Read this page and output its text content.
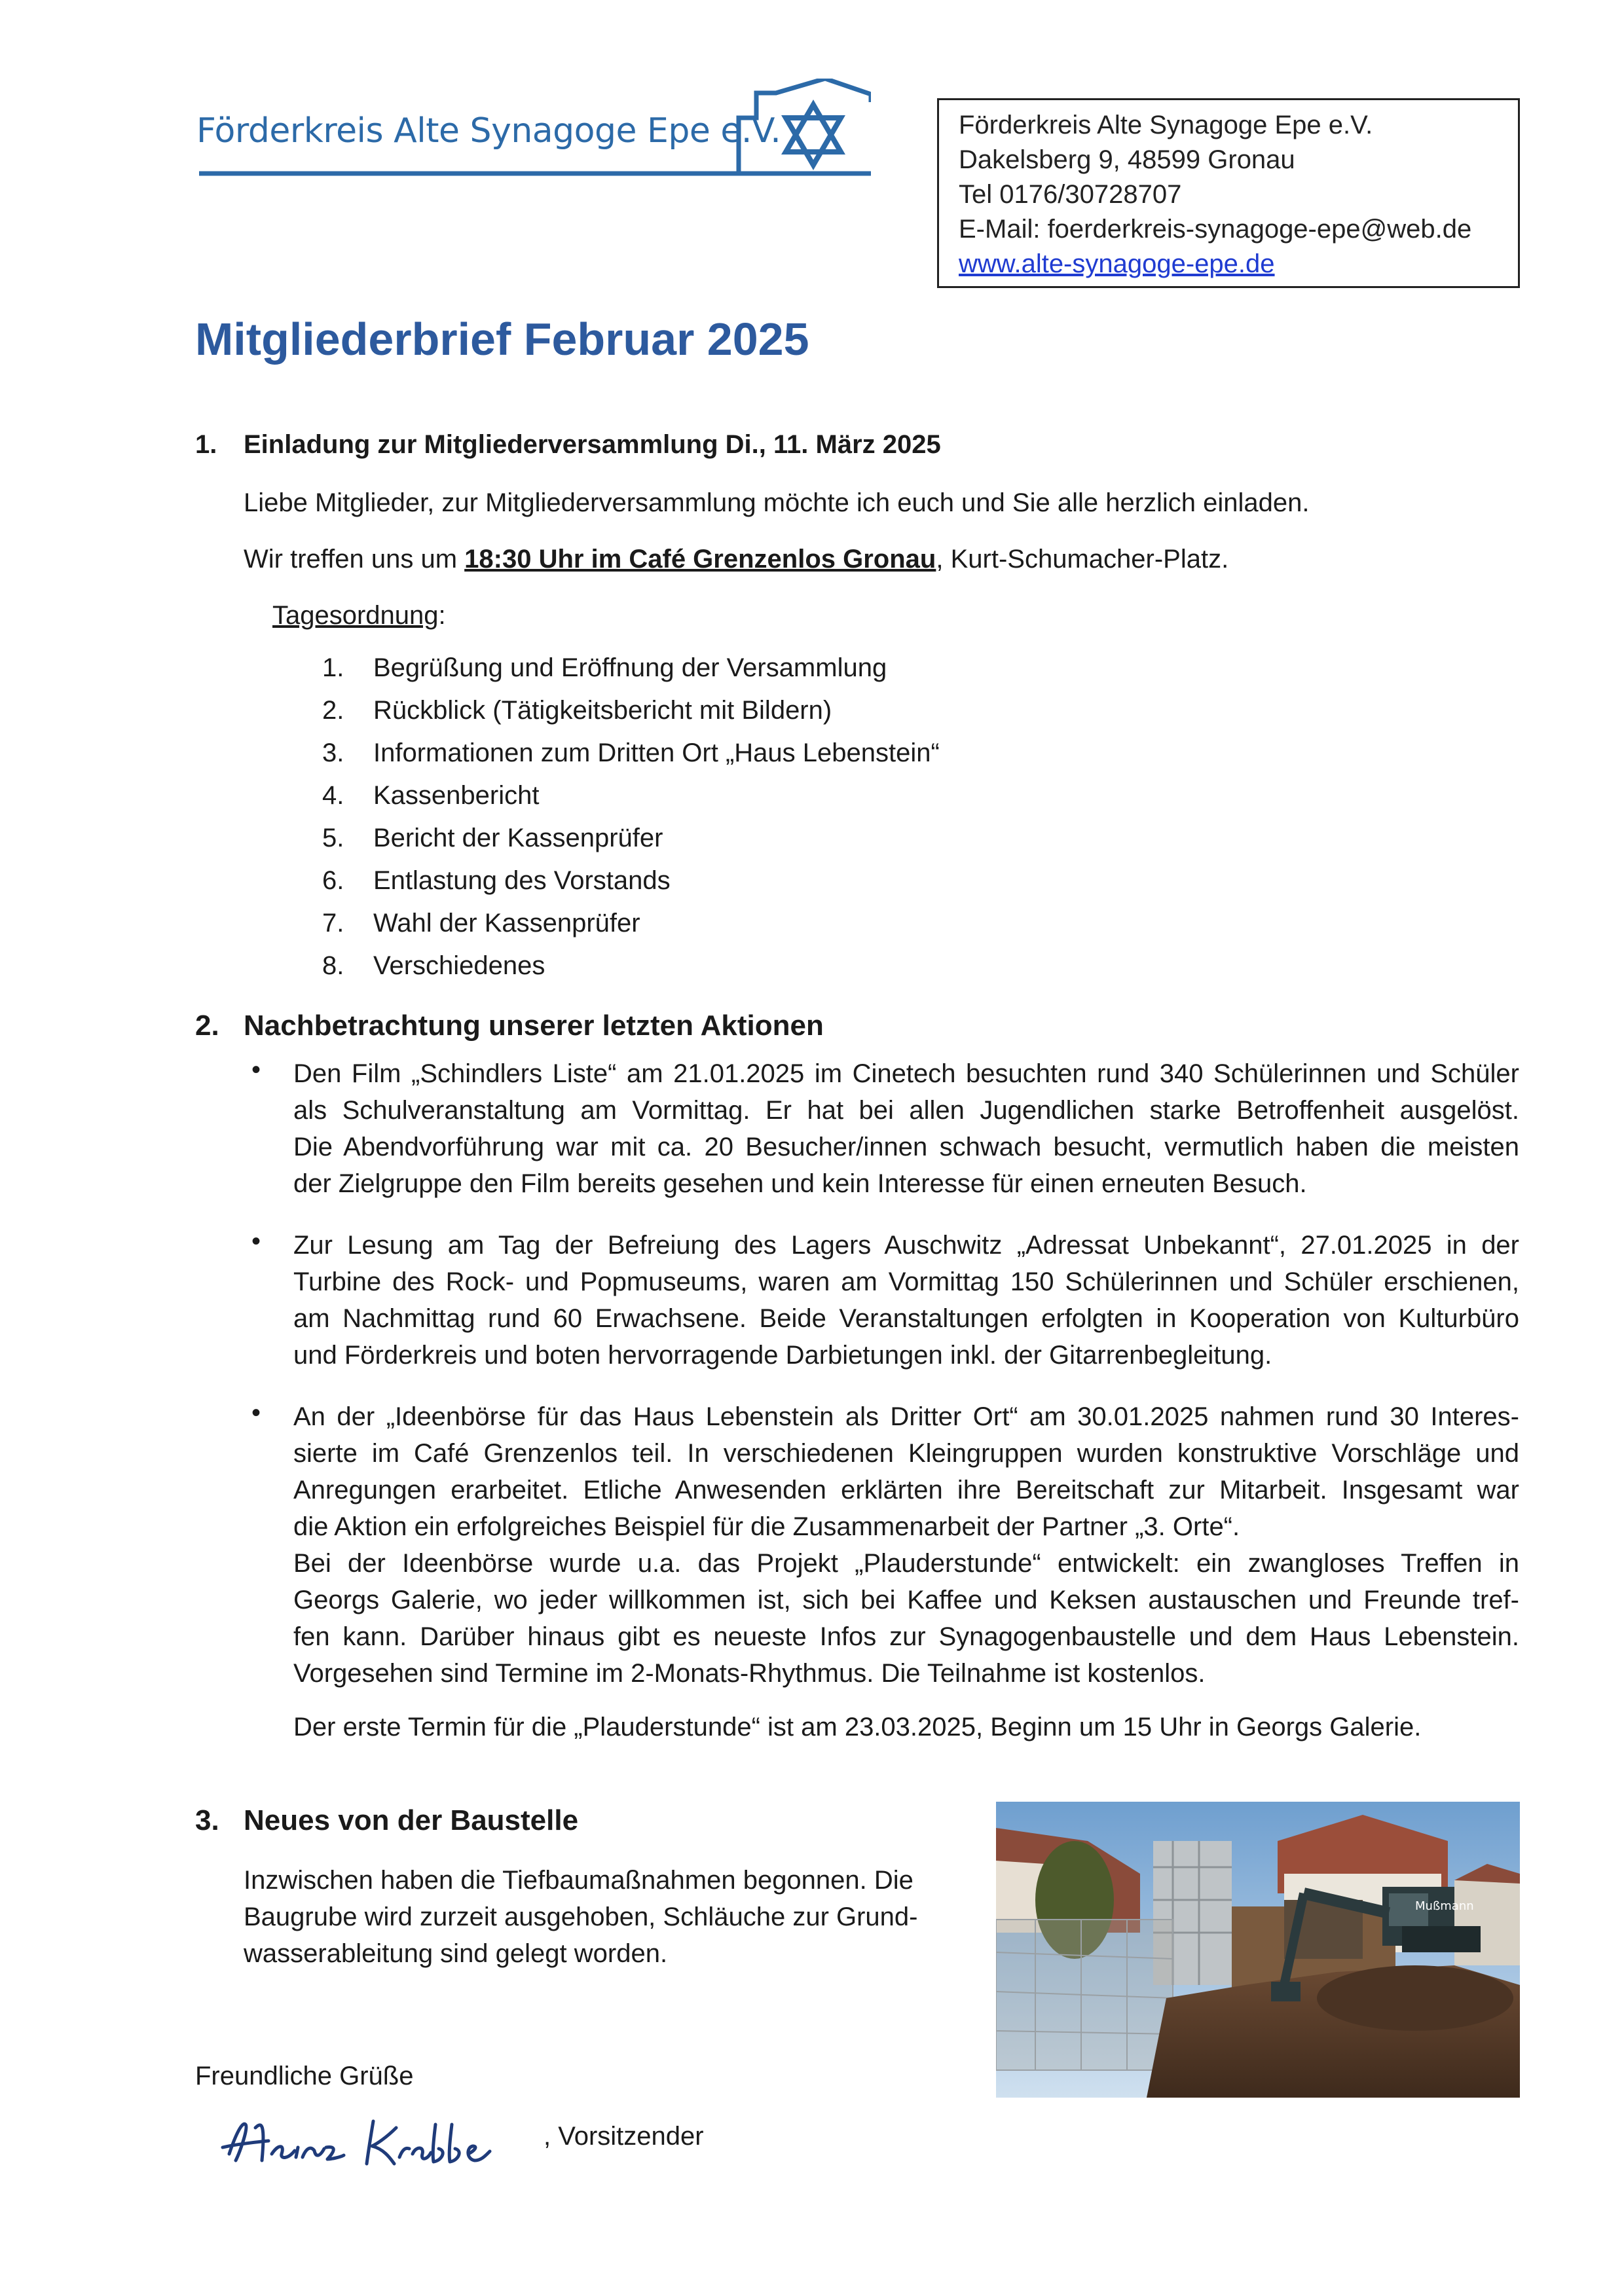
Förderkreis Alte Synagoge Epe e.V.	Förderkreis Alte Synagoge Epe e.V.
Dakelsberg 9, 48599 Gronau
Tel 0176/30728707
E-Mail: foerderkreis-synagoge-epe@web.de
www.alte-synagoge-epe.de
Mitgliederbrief Februar 2025
1. Einladung zur Mitgliederversammlung Di., 11. März 2025
Liebe Mitglieder, zur Mitgliederversammlung möchte ich euch und Sie alle herzlich einladen.
Wir treffen uns um 18:30 Uhr im Café Grenzenlos Gronau, Kurt-Schumacher-Platz.
Tagesordnung:
1. Begrüßung und Eröffnung der Versammlung
2. Rückblick (Tätigkeitsbericht mit Bildern)
3. Informationen zum Dritten Ort „Haus Lebenstein“
4. Kassenbericht
5. Bericht der Kassenprüfer
6. Entlastung des Vorstands
7. Wahl der Kassenprüfer
8. Verschiedenes
2. Nachbetrachtung unserer letzten Aktionen
• Den Film „Schindlers Liste“ am 21.01.2025 im Cinetech besuchten rund 340 Schülerinnen und Schüler
als Schulveranstaltung am Vormittag. Er hat bei allen Jugendlichen starke Betroffenheit ausgelöst.
Die Abendvorführung war mit ca. 20 Besucher/innen schwach besucht, vermutlich haben die meisten
der Zielgruppe den Film bereits gesehen und kein Interesse für einen erneuten Besuch.
• Zur Lesung am Tag der Befreiung des Lagers Auschwitz „Adressat Unbekannt“, 27.01.2025 in der
Turbine des Rock- und Popmuseums, waren am Vormittag 150 Schülerinnen und Schüler erschienen,
am Nachmittag rund 60 Erwachsene. Beide Veranstaltungen erfolgten in Kooperation von Kulturbüro
und Förderkreis und boten hervorragende Darbietungen inkl. der Gitarrenbegleitung.
• An der „Ideenbörse für das Haus Lebenstein als Dritter Ort“ am 30.01.2025 nahmen rund 30 Interes-
sierte im Café Grenzenlos teil. In verschiedenen Kleingruppen wurden konstruktive Vorschläge und
Anregungen erarbeitet. Etliche Anwesenden erklärten ihre Bereitschaft zur Mitarbeit. Insgesamt war
die Aktion ein erfolgreiches Beispiel für die Zusammenarbeit der Partner „3. Orte“.
Bei der Ideenbörse wurde u.a. das Projekt „Plauderstunde“ entwickelt: ein zwangloses Treffen in
Georgs Galerie, wo jeder willkommen ist, sich bei Kaffee und Keksen austauschen und Freunde tref-
fen kann. Darüber hinaus gibt es neueste Infos zur Synagogenbaustelle und dem Haus Lebenstein.
Vorgesehen sind Termine im 2-Monats-Rhythmus. Die Teilnahme ist kostenlos.
Der erste Termin für die „Plauderstunde“ ist am 23.03.2025, Beginn um 15 Uhr in Georgs Galerie.
3. Neues von der Baustelle
Inzwischen haben die Tiefbaumaßnahmen begonnen. Die
Baugrube wird zurzeit ausgehoben, Schläuche zur Grund-
wasserableitung sind gelegt worden.
Mußmann
Freundliche Grüße
, Vorsitzender
